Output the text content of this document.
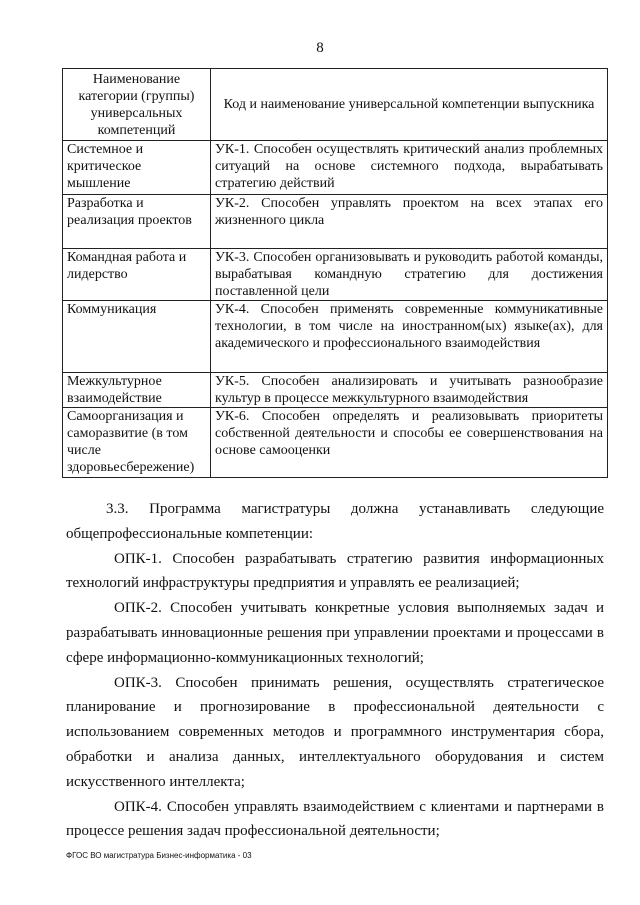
8
Наименование категории (группы) универсальных компетенций	Код и наименование универсальной компетенции выпускника
Системное и критическое мышление	УК-1. Способен осуществлять критический анализ проблемных ситуаций на основе системного подхода, вырабатывать стратегию действий
Разработка и реализация проектов	УК-2. Способен управлять проектом на всех этапах его жизненного цикла
Командная работа и лидерство	УК-3. Способен организовывать и руководить работой команды, вырабатывая командную стратегию для достижения поставленной цели
Коммуникация	УК-4. Способен применять современные коммуникативные технологии, в том числе на иностранном(ых) языке(ах), для академического и профессионального взаимодействия
Межкультурное взаимодействие	УК-5. Способен анализировать и учитывать разнообразие культур в процессе межкультурного взаимодействия
Самоорганизация и саморазвитие (в том числе здоровьесбережение)	УК-6. Способен определять и реализовывать приоритеты собственной деятельности и способы ее совершенствования на основе самооценки

3.3. Программа магистратуры должна устанавливать следующие общепрофессиональные компетенции:

ОПК-1. Способен разрабатывать стратегию развития информационных технологий инфраструктуры предприятия и управлять ее реализацией;

ОПК-2. Способен учитывать конкретные условия выполняемых задач и разрабатывать инновационные решения при управлении проектами и процессами в сфере информационно-коммуникационных технологий;

ОПК-3. Способен принимать решения, осуществлять стратегическое планирование и прогнозирование в профессиональной деятельности с использованием современных методов и программного инструментария сбора, обработки и анализа данных, интеллектуального оборудования и систем искусственного интеллекта;

ОПК-4. Способен управлять взаимодействием с клиентами и партнерами в процессе решения задач профессиональной деятельности;

ФГОС ВО магистратура Бизнес-информатика - 03
